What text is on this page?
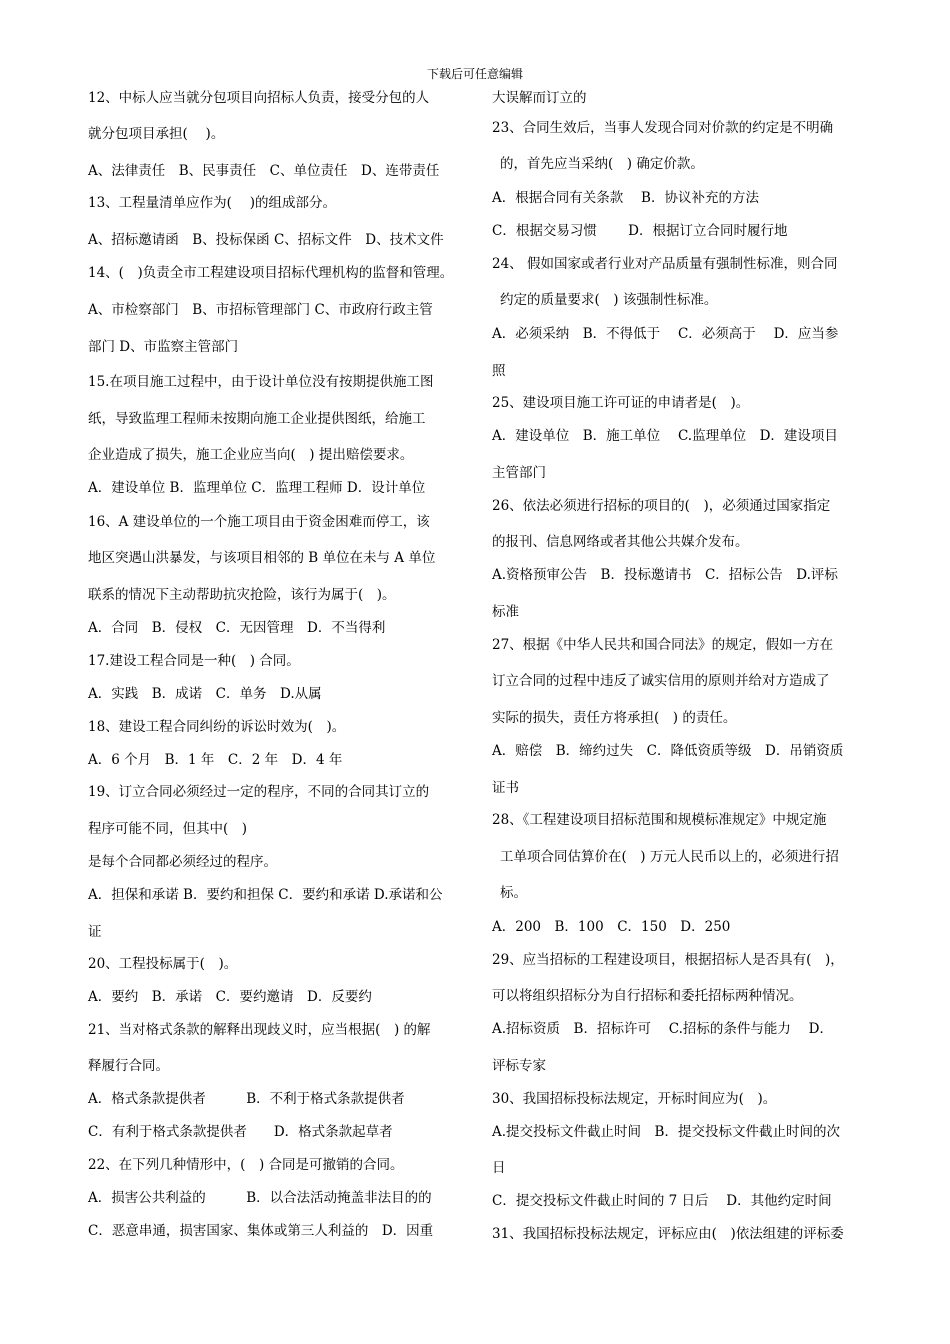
下载后可任意编辑
12、中标人应当就分包项目向招标人负责，接受分包的人
就分包项目承担(　 )。
A、法律责任　B、民事责任　C、单位责任　D、连带责任
13、工程量清单应作为(　 )的组成部分。
A、招标邀请函　B、投标保函 C、招标文件　D、技术文件
14、(　)负责全市工程建设项目招标代理机构的监督和管理。
A、市检察部门　B、市招标管理部门 C、市政府行政主管
部门 D、市监察主管部门
15.在项目施工过程中，由于设计单位没有按期提供施工图
纸，导致监理工程师未按期向施工企业提供图纸，给施工
企业造成了损失，施工企业应当向(　) 提出赔偿要求。
A．建设单位 B．监理单位 C．监理工程师 D．设计单位
16、A 建设单位的一个施工项目由于资金困难而停工，该
地区突遇山洪暴发，与该项目相邻的 B 单位在未与 A 单位
联系的情况下主动帮助抗灾抢险，该行为属于(　)。
A．合同　B．侵权　C．无因管理　D．不当得利
17.建设工程合同是一种(　) 合同。
A．实践　B．成诺　C．单务　D.从属
18、建设工程合同纠纷的诉讼时效为(　)。
A．6 个月　B．1 年　C．2 年　D．4 年
19、订立合同必须经过一定的程序，不同的合同其订立的
程序可能不同，但其中(　)
是每个合同都必须经过的程序。
A．担保和承诺 B．要约和担保 C．要约和承诺 D.承诺和公
证
20、工程投标属于(　)。
A．要约　B．承诺　C．要约邀请　D．反要约
21、当对格式条款的解释出现歧义时，应当根据(　) 的解
释履行合同。
A．格式条款提供者　　　B．不利于格式条款提供者
C．有利于格式条款提供者　　D．格式条款起草者
22、在下列几种情形中，(　) 合同是可撤销的合同。
A．损害公共利益的　　　B．以合法活动掩盖非法目的的
C．恶意串通，损害国家、集体或第三人利益的　D．因重
大误解而订立的
23、合同生效后，当事人发现合同对价款的约定是不明确
的，首先应当采纳(　) 确定价款。
A．根据合同有关条款　 B．协议补充的方法
C．根据交易习惯　　 D．根据订立合同时履行地
24、 假如国家或者行业对产品质量有强制性标准，则合同
约定的质量要求(　) 该强制性标准。
A．必须采纳　B．不得低于　 C．必须高于　 D．应当参
照
25、建设项目施工许可证的申请者是(　)。
A．建设单位　B．施工单位　 C.监理单位　D．建设项目
主管部门
26、依法必须进行招标的项目的(　)，必须通过国家指定
的报刊、信息网络或者其他公共媒介发布。
A.资格预审公告　B．投标邀请书　C．招标公告　D.评标
标准
27、根据《中华人民共和国合同法》的规定，假如一方在
订立合同的过程中违反了诚实信用的原则并给对方造成了
实际的损失，责任方将承担(　) 的责任。
A．赔偿　B．缔约过失　C．降低资质等级　D．吊销资质
证书
28、《工程建设项目招标范围和规模标准规定》中规定施
工单项合同估算价在(　) 万元人民币以上的，必须进行招
标。
A．200　B．100　C．150　D．250
29、应当招标的工程建设项目，根据招标人是否具有(　)，
可以将组织招标分为自行招标和委托招标两种情况。
A.招标资质　B．招标许可　 C.招标的条件与能力　 D．
评标专家
30、我国招标投标法规定，开标时间应为(　)。
A.提交投标文件截止时间　B．提交投标文件截止时间的次
日
C．提交投标文件截止时间的 7 日后　 D．其他约定时间
31、我国招标投标法规定，评标应由(　)依法组建的评标委
